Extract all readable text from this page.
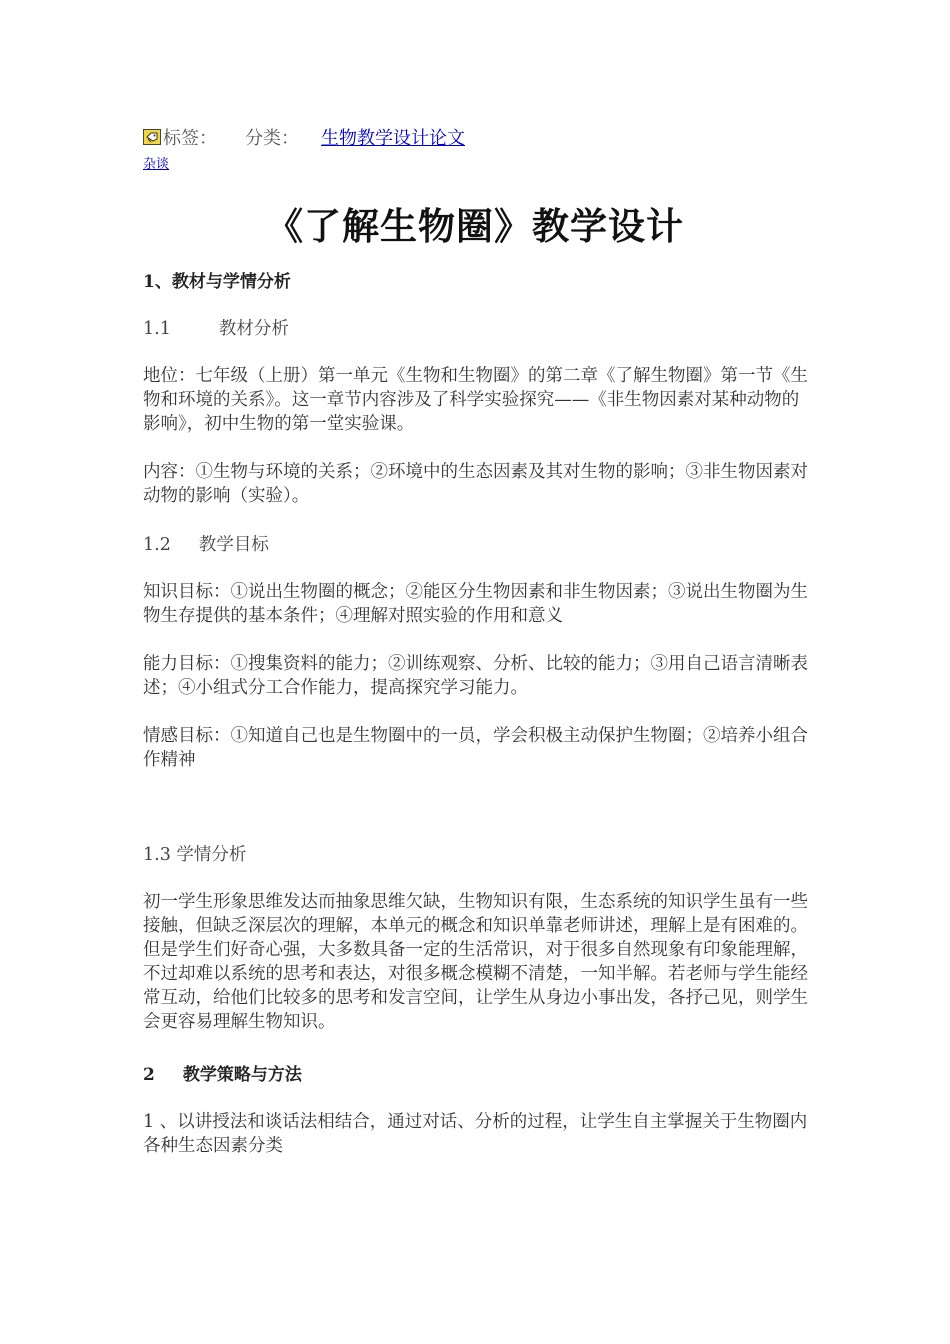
标签： 分类： 生物教学设计论文
杂谈
《了解生物圈》教学设计

1、教材与学情分析

1.1	教材分析

地位：七年级（上册）第一单元《生物和生物圈》的第二章《了解生物圈》第一节《生物和环境的关系》。这一章节内容涉及了科学实验探究——《非生物因素对某种动物的影响》，初中生物的第一堂实验课。

内容：①生物与环境的关系；②环境中的生态因素及其对生物的影响；③非生物因素对动物的影响（实验）。

1.2 教学目标

知识目标：①说出生物圈的概念；②能区分生物因素和非生物因素；③说出生物圈为生物生存提供的基本条件；④理解对照实验的作用和意义

能力目标：①搜集资料的能力；②训练观察、分析、比较的能力；③用自己语言清晰表述；④小组式分工合作能力，提高探究学习能力。

情感目标：①知道自己也是生物圈中的一员，学会积极主动保护生物圈；②培养小组合作精神

1.3 学情分析

初一学生形象思维发达而抽象思维欠缺，生物知识有限，生态系统的知识学生虽有一些接触，但缺乏深层次的理解，本单元的概念和知识单靠老师讲述，理解上是有困难的。但是学生们好奇心强，大多数具备一定的生活常识，对于很多自然现象有印象能理解，不过却难以系统的思考和表达，对很多概念模糊不清楚，一知半解。若老师与学生能经常互动，给他们比较多的思考和发言空间，让学生从身边小事出发，各抒己见，则学生会更容易理解生物知识。

2 教学策略与方法

1 、以讲授法和谈话法相结合，通过对话、分析的过程，让学生自主掌握关于生物圈内各种生态因素分类
